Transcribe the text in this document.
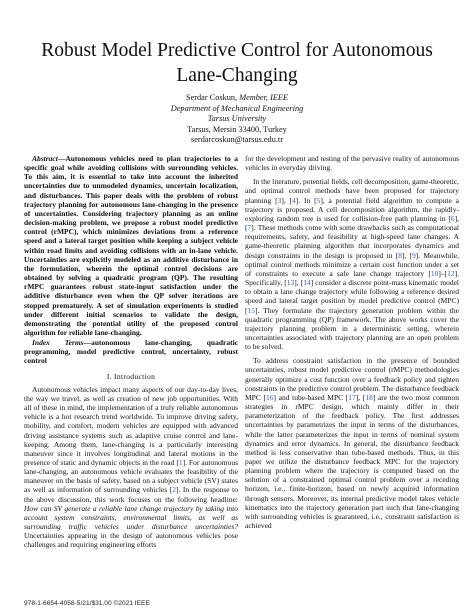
Robust Model Predictive Control for Autonomous Lane-Changing
Serdar Coskun, Member, IEEE
Department of Mechanical Engineering
Tarsus University
Tarsus, Mersin 33400, Turkey
serdarcoskun@tarsus.edu.tr

Abstract—Autonomous vehicles need to plan trajectories to a specific goal while avoiding collisions with surrounding vehicles. To this aim, it is essential to take into account the inherited uncertainties due to unmodeled dynamics, uncertain localization, and disturbances. This paper deals with the problem of robust trajectory planning for autonomous lane-changing in the presence of uncertainties. Considering trajectory planning as an online decision-making problem, we propose a robust model predictive control (rMPC), which minimizes deviations from a reference speed and a lateral target position while keeping a subject vehicle within road limits and avoiding collisions with an in-lane vehicle. Uncertainties are explicitly modeled as an additive disturbance in the formulation, wherein the optimal control decisions are obtained by solving a quadratic program (QP). The resulting rMPC guarantees robust state-input satisfaction under the additive disturbance even when the QP solver iterations are stopped prematurely. A set of simulation experiments is studied under different initial scenarios to validate the design, demonstrating the potential utility of the proposed control algorithm for reliable lane-changing.

Index Terms—autonomous lane-changing, quadratic programming, model predictive control, uncertainty, robust control

I. Introduction

Autonomous vehicles impact many aspects of our day-to-day lives, the way we travel, as well as creation of new job opportunities. With all of these in mind, the implementation of a truly reliable autonomous vehicle is a hot research trend worldwide. To improve driving safety, mobility, and comfort, modern vehicles are equipped with advanced driving assistance systems such as adaptive cruise control and lane-keeping. Among them, lane-changing is a particularly interesting maneuver since it involves longitudinal and lateral motions in the presence of static and dynamic objects in the road [1]. For autonomous lane-changing, an autonomous vehicle evaluates the feasibility of the maneuver on the basis of safety, based on a subject vehicle (SV) states as well as information of surrounding vehicles [2]. In the response to the above discussion, this work focuses on the following headline: How can SV generate a reliable lane change trajectory by taking into account system constraints, environmental limits, as well as surrounding traffic vehicles under disturbance uncertainties? Uncertainties appearing in the design of autonomous vehicles pose challenges and requiring engineering efforts

for the development and testing of the pervasive reality of autonomous vehicles in everyday driving.

In the literature, potential fields, cell decomposition, game-theoretic, and optimal control methods have been proposed for trajectory planning [3], [4]. In [5], a potential field algorithm to compute a trajectory is proposed. A cell decomposition algorithm, the rapidly-exploring random tree is used for collision-free path planning in [6], [7]. These methods come with some drawbacks such as computational requirements, safety, and feasibility at high-speed lane changes. A game-theoretic planning algorithm that incorporates dynamics and design constraints in the design is proposed in [8], [9]. Meanwhile, optimal control methods minimize a certain cost function under a set of constraints to execute a safe lane change trajectory [10]–[12]. Specifically, [13], [14] consider a discrete point-mass kinematic model to obtain a lane change trajectory while following a reference desired speed and lateral target position by model predictive control (MPC) [15]. They formulate the trajectory generation problem within the quadratic programming (QP) framework. The above works cover the trajectory planning problem in a deterministic setting, wherein uncertainties associated with trajectory planning are an open problem to be solved.

To address constraint satisfaction in the presence of bounded uncertainties, robust model predictive control (rMPC) methodologies generally optimize a cost function over a feedback policy and tighten constraints in the predictive control problem. The disturbance feedback MPC [16] and tube-based MPC [17], [18] are the two most common strategies in rMPC design, which mainly differ in their parameterization of the feedback policy. The first addresses uncertainties by parametrizes the input in terms of the disturbances, while the latter parameterizes the input in terms of nominal system dynamics and error dynamics. In general, the disturbance feedback method is less conservative than tube-based methods. Thus, in this paper we utilize the disturbance feedback MPC for the trajectory planning problem where the trajectory is computed based on the solution of a constrained optimal control problem over a receding horizon, i.e., finite-horizon, based on newly acquired information through sensors. Moreover, its internal predictive model takes vehicle kinematics into the trajectory generation part such that lane-changing with surrounding vehicles is guaranteed, i.e., constraint satisfaction is achieved

978-1-6654-4058-5/21/$31.00 ©2021 IEEE
